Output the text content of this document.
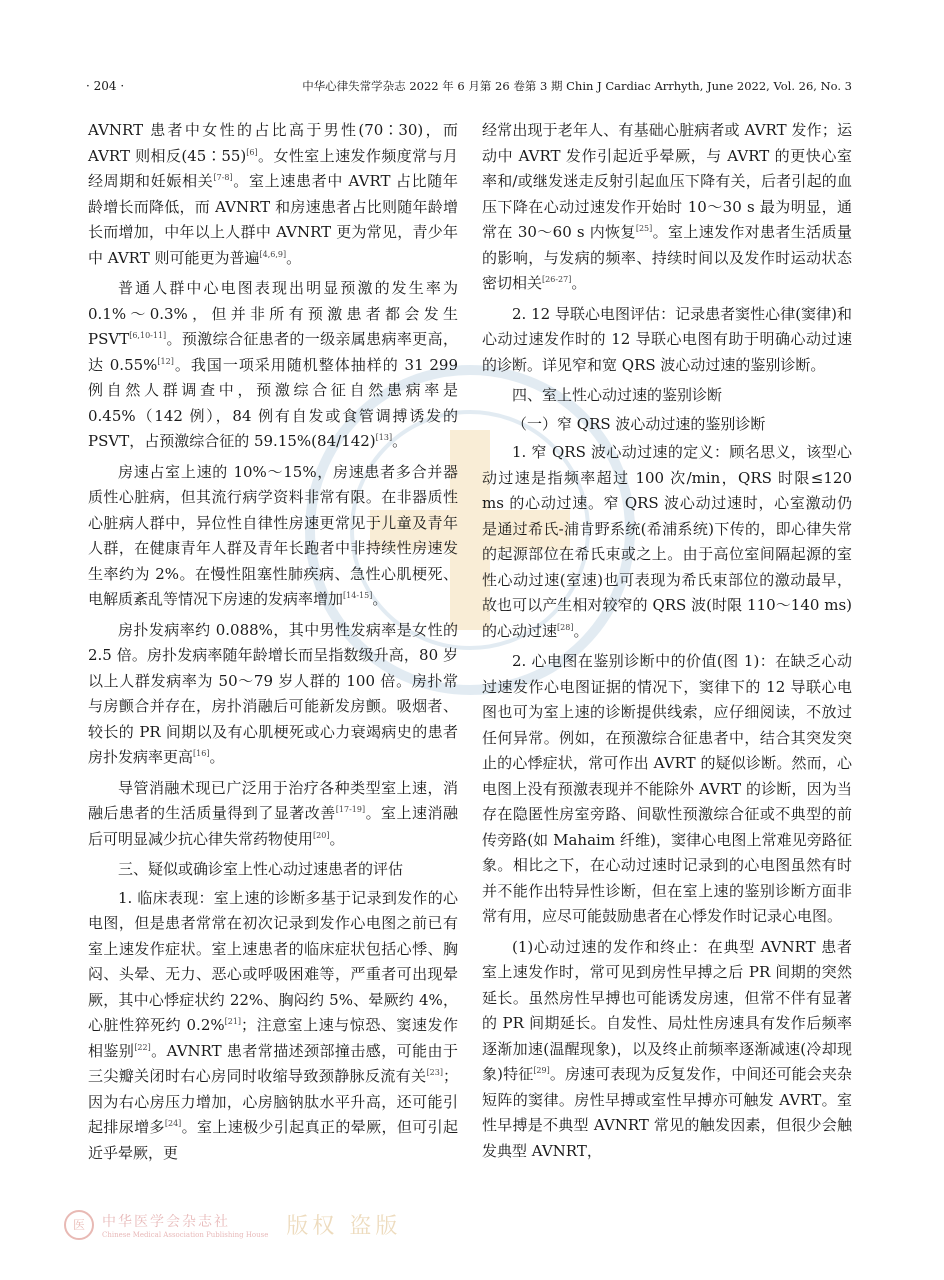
· 204 ·	中华心律失常学杂志 2022 年 6 月第 26 卷第 3 期 Chin J Cardiac Arrhyth, June 2022, Vol. 26, No. 3

AVNRT 患者中女性的占比高于男性(70∶30)，而 AVRT 则相反(45∶55)[6]。女性室上速发作频度常与月经周期和妊娠相关[7-8]。室上速患者中 AVRT 占比随年龄增长而降低，而 AVNRT 和房速患者占比则随年龄增长而增加，中年以上人群中 AVNRT 更为常见，青少年中 AVRT 则可能更为普遍[4,6,9]。

普通人群中心电图表现出明显预激的发生率为 0.1%～0.3%，但并非所有预激患者都会发生 PSVT[6,10-11]。预激综合征患者的一级亲属患病率更高，达 0.55%[12]。我国一项采用随机整体抽样的 31 299 例自然人群调查中，预激综合征自然患病率是 0.45%（142 例），84 例有自发或食管调搏诱发的 PSVT，占预激综合征的 59.15%(84/142)[13]。

房速占室上速的 10%～15%，房速患者多合并器质性心脏病，但其流行病学资料非常有限。在非器质性心脏病人群中，异位性自律性房速更常见于儿童及青年人群，在健康青年人群及青年长跑者中非持续性房速发生率约为 2%。在慢性阻塞性肺疾病、急性心肌梗死、电解质紊乱等情况下房速的发病率增加[14-15]。

房扑发病率约 0.088%，其中男性发病率是女性的 2.5 倍。房扑发病率随年龄增长而呈指数级升高，80 岁以上人群发病率为 50～79 岁人群的 100 倍。房扑常与房颤合并存在，房扑消融后可能新发房颤。吸烟者、较长的 PR 间期以及有心肌梗死或心力衰竭病史的患者房扑发病率更高[16]。

导管消融术现已广泛用于治疗各种类型室上速，消融后患者的生活质量得到了显著改善[17-19]。室上速消融后可明显减少抗心律失常药物使用[20]。

三、疑似或确诊室上性心动过速患者的评估

1. 临床表现：室上速的诊断多基于记录到发作的心电图，但是患者常常在初次记录到发作心电图之前已有室上速发作症状。室上速患者的临床症状包括心悸、胸闷、头晕、无力、恶心或呼吸困难等，严重者可出现晕厥，其中心悸症状约 22%、胸闷约 5%、晕厥约 4%，心脏性猝死约 0.2%[21]；注意室上速与惊恐、窦速发作相鉴别[22]。AVNRT 患者常描述颈部撞击感，可能由于三尖瓣关闭时右心房同时收缩导致颈静脉反流有关[23]；因为右心房压力增加，心房脑钠肽水平升高，还可能引起排尿增多[24]。室上速极少引起真正的晕厥，但可引起近乎晕厥，更

经常出现于老年人、有基础心脏病者或 AVRT 发作；运动中 AVRT 发作引起近乎晕厥，与 AVRT 的更快心室率和/或继发迷走反射引起血压下降有关，后者引起的血压下降在心动过速发作开始时 10～30 s 最为明显，通常在 30～60 s 内恢复[25]。室上速发作对患者生活质量的影响，与发病的频率、持续时间以及发作时运动状态密切相关[26-27]。

2. 12 导联心电图评估：记录患者窦性心律(窦律)和心动过速发作时的 12 导联心电图有助于明确心动过速的诊断。详见窄和宽 QRS 波心动过速的鉴别诊断。

四、室上性心动过速的鉴别诊断

（一）窄 QRS 波心动过速的鉴别诊断

1. 窄 QRS 波心动过速的定义：顾名思义，该型心动过速是指频率超过 100 次/min，QRS 时限≤120 ms 的心动过速。窄 QRS 波心动过速时，心室激动仍是通过希氏-浦肯野系统(希浦系统)下传的，即心律失常的起源部位在希氏束或之上。由于高位室间隔起源的室性心动过速(室速)也可表现为希氏束部位的激动最早，故也可以产生相对较窄的 QRS 波(时限 110～140 ms)的心动过速[28]。

2. 心电图在鉴别诊断中的价值(图 1)：在缺乏心动过速发作心电图证据的情况下，窦律下的 12 导联心电图也可为室上速的诊断提供线索，应仔细阅读，不放过任何异常。例如，在预激综合征患者中，结合其突发突止的心悸症状，常可作出 AVRT 的疑似诊断。然而，心电图上没有预激表现并不能除外 AVRT 的诊断，因为当存在隐匿性房室旁路、间歇性预激综合征或不典型的前传旁路(如 Mahaim 纤维)，窦律心电图上常难见旁路征象。相比之下，在心动过速时记录到的心电图虽然有时并不能作出特异性诊断，但在室上速的鉴别诊断方面非常有用，应尽可能鼓励患者在心悸发作时记录心电图。

(1)心动过速的发作和终止：在典型 AVNRT 患者室上速发作时，常可见到房性早搏之后 PR 间期的突然延长。虽然房性早搏也可能诱发房速，但常不伴有显著的 PR 间期延长。自发性、局灶性房速具有发作后频率逐渐加速(温醒现象)，以及终止前频率逐渐减速(冷却现象)特征[29]。房速可表现为反复发作，中间还可能会夹杂短阵的窦律。房性早搏或室性早搏亦可触发 AVRT。室性早搏是不典型 AVNRT 常见的触发因素，但很少会触发典型 AVNRT，

医	中华医学会杂志社
Chinese Medical Association Publishing House 版权 盗版
